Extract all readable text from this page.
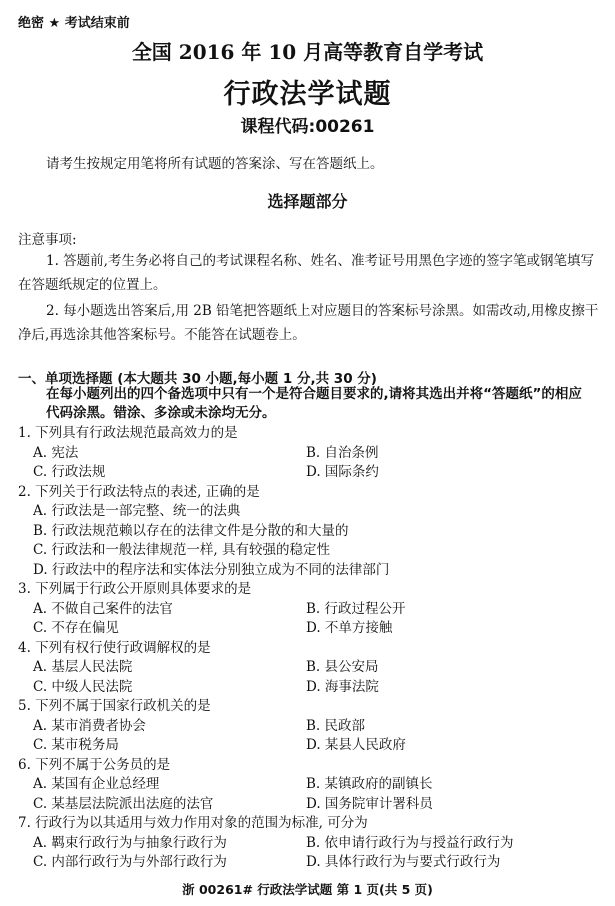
绝密 ★ 考试结束前
全国 2016 年 10 月高等教育自学考试
行政法学试题
课程代码:00261
请考生按规定用笔将所有试题的答案涂、写在答题纸上。
选择题部分
注意事项:
1. 答题前,考生务必将自己的考试课程名称、姓名、准考证号用黑色字迹的签字笔或钢笔填写在答题纸规定的位置上。
2. 每小题选出答案后,用 2B 铅笔把答题纸上对应题目的答案标号涂黑。如需改动,用橡皮擦干净后,再选涂其他答案标号。不能答在试题卷上。
一、单项选择题 (本大题共 30 小题,每小题 1 分,共 30 分)
在每小题列出的四个备选项中只有一个是符合题目要求的,请将其选出并将“答题纸”的相应代码涂黑。错涂、多涂或未涂均无分。
1. 下列具有行政法规范最高效力的是
A. 宪法	B. 自治条例
C. 行政法规	D. 国际条约
2. 下列关于行政法特点的表述, 正确的是
A. 行政法是一部完整、统一的法典
B. 行政法规范赖以存在的法律文件是分散的和大量的
C. 行政法和一般法律规范一样, 具有较强的稳定性
D. 行政法中的程序法和实体法分别独立成为不同的法律部门
3. 下列属于行政公开原则具体要求的是
A. 不做自己案件的法官	B. 行政过程公开
C. 不存在偏见	D. 不单方接触
4. 下列有权行使行政调解权的是
A. 基层人民法院	B. 县公安局
C. 中级人民法院	D. 海事法院
5. 下列不属于国家行政机关的是
A. 某市消费者协会	B. 民政部
C. 某市税务局	D. 某县人民政府
6. 下列不属于公务员的是
A. 某国有企业总经理	B. 某镇政府的副镇长
C. 某基层法院派出法庭的法官	D. 国务院审计署科员
7. 行政行为以其适用与效力作用对象的范围为标准, 可分为
A. 羁束行政行为与抽象行政行为	B. 依申请行政行为与授益行政行为
C. 内部行政行为与外部行政行为	D. 具体行政行为与要式行政行为
浙 00261# 行政法学试题 第 1 页(共 5 页)
